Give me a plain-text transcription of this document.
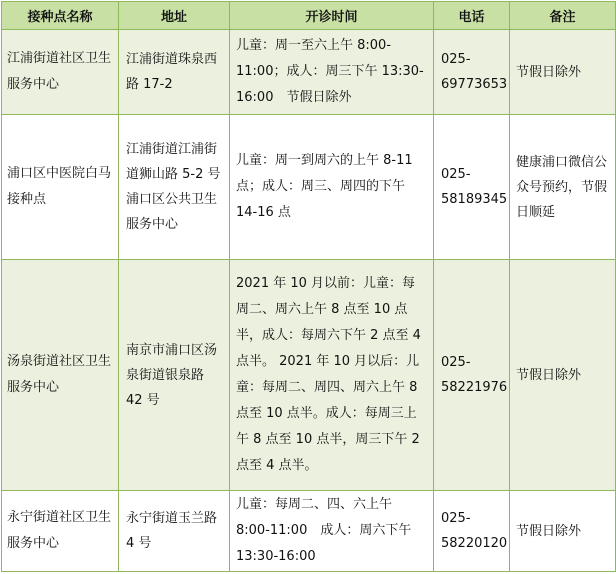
接种点名称	地址	开诊时间	电话	备注
江浦街道社区卫生服务中心	江浦街道珠泉西路 17-2	儿童：周一至六上午 8:00-11:00；成人：周三下午 13:30-16:00　节假日除外	025-69773653	节假日除外
浦口区中医院白马接种点	江浦街道江浦街道狮山路 5-2 号浦口区公共卫生服务中心	儿童：周一到周六的上午 8-11 点；成人：周三、周四的下午 14-16 点	025-58189345	健康浦口微信公众号预约，节假日顺延
汤泉街道社区卫生服务中心	南京市浦口区汤泉街道银泉路 42 号	2021 年 10 月以前：儿童：每周二、周六上午 8 点至 10 点半，成人：每周六下午 2 点至 4 点半。 2021 年 10 月以后：儿童：每周二、周四、周六上午 8 点至 10 点半。成人：每周三上午 8 点至 10 点半，周三下午 2 点至 4 点半。	025-58221976	节假日除外
永宁街道社区卫生服务中心	永宁街道玉兰路 4 号	儿童：每周二、四、六上午 8:00-11:00　成人：周六下午 13:30-16:00	025-58220120	节假日除外
